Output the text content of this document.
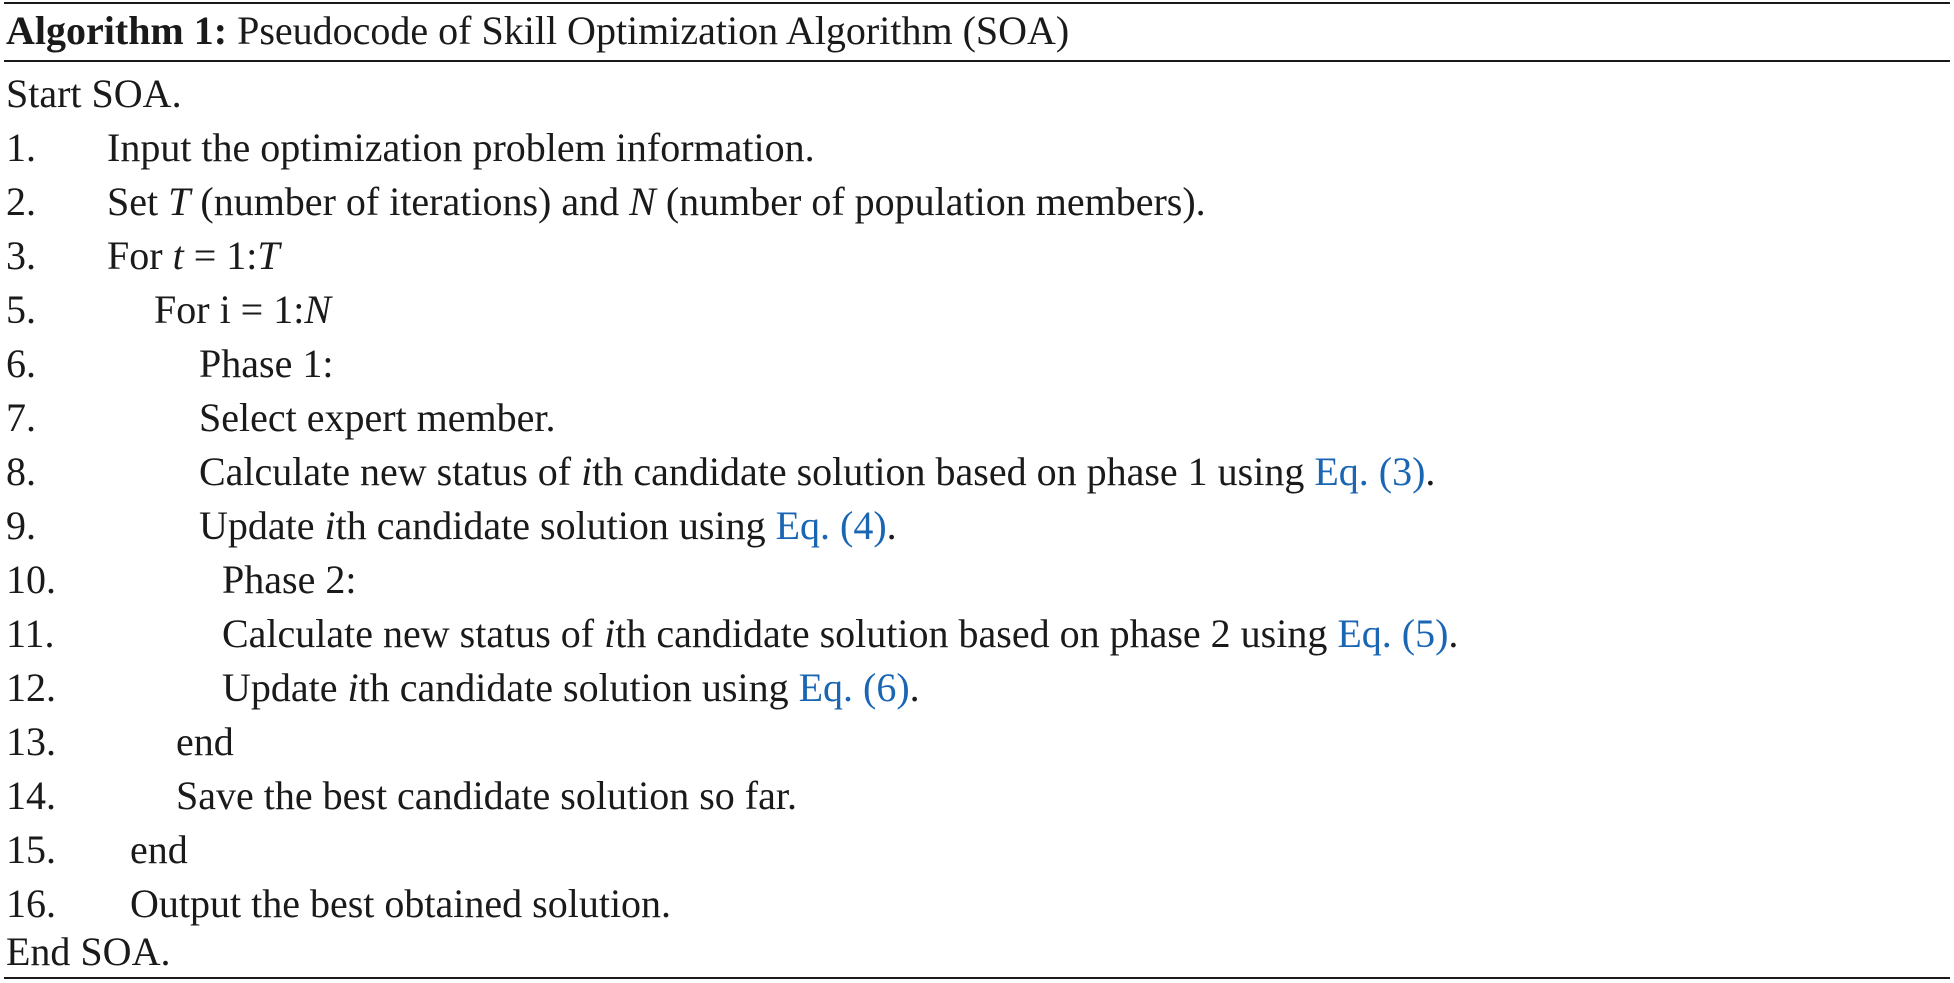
Algorithm 1: Pseudocode of Skill Optimization Algorithm (SOA)
Start SOA.
1. Input the optimization problem information.
2. Set T (number of iterations) and N (number of population members).
3. For t = 1:T
5.	For i = 1:N
6.	Phase 1:
7.	Select expert member.
8.	Calculate new status of ith candidate solution based on phase 1 using Eq. (3).
9.	Update ith candidate solution using Eq. (4).
10.	Phase 2:
11.	Calculate new status of ith candidate solution based on phase 2 using Eq. (5).
12.	Update ith candidate solution using Eq. (6).
13.	end
14.	Save the best candidate solution so far.
15. end
16. Output the best obtained solution.
End SOA.
